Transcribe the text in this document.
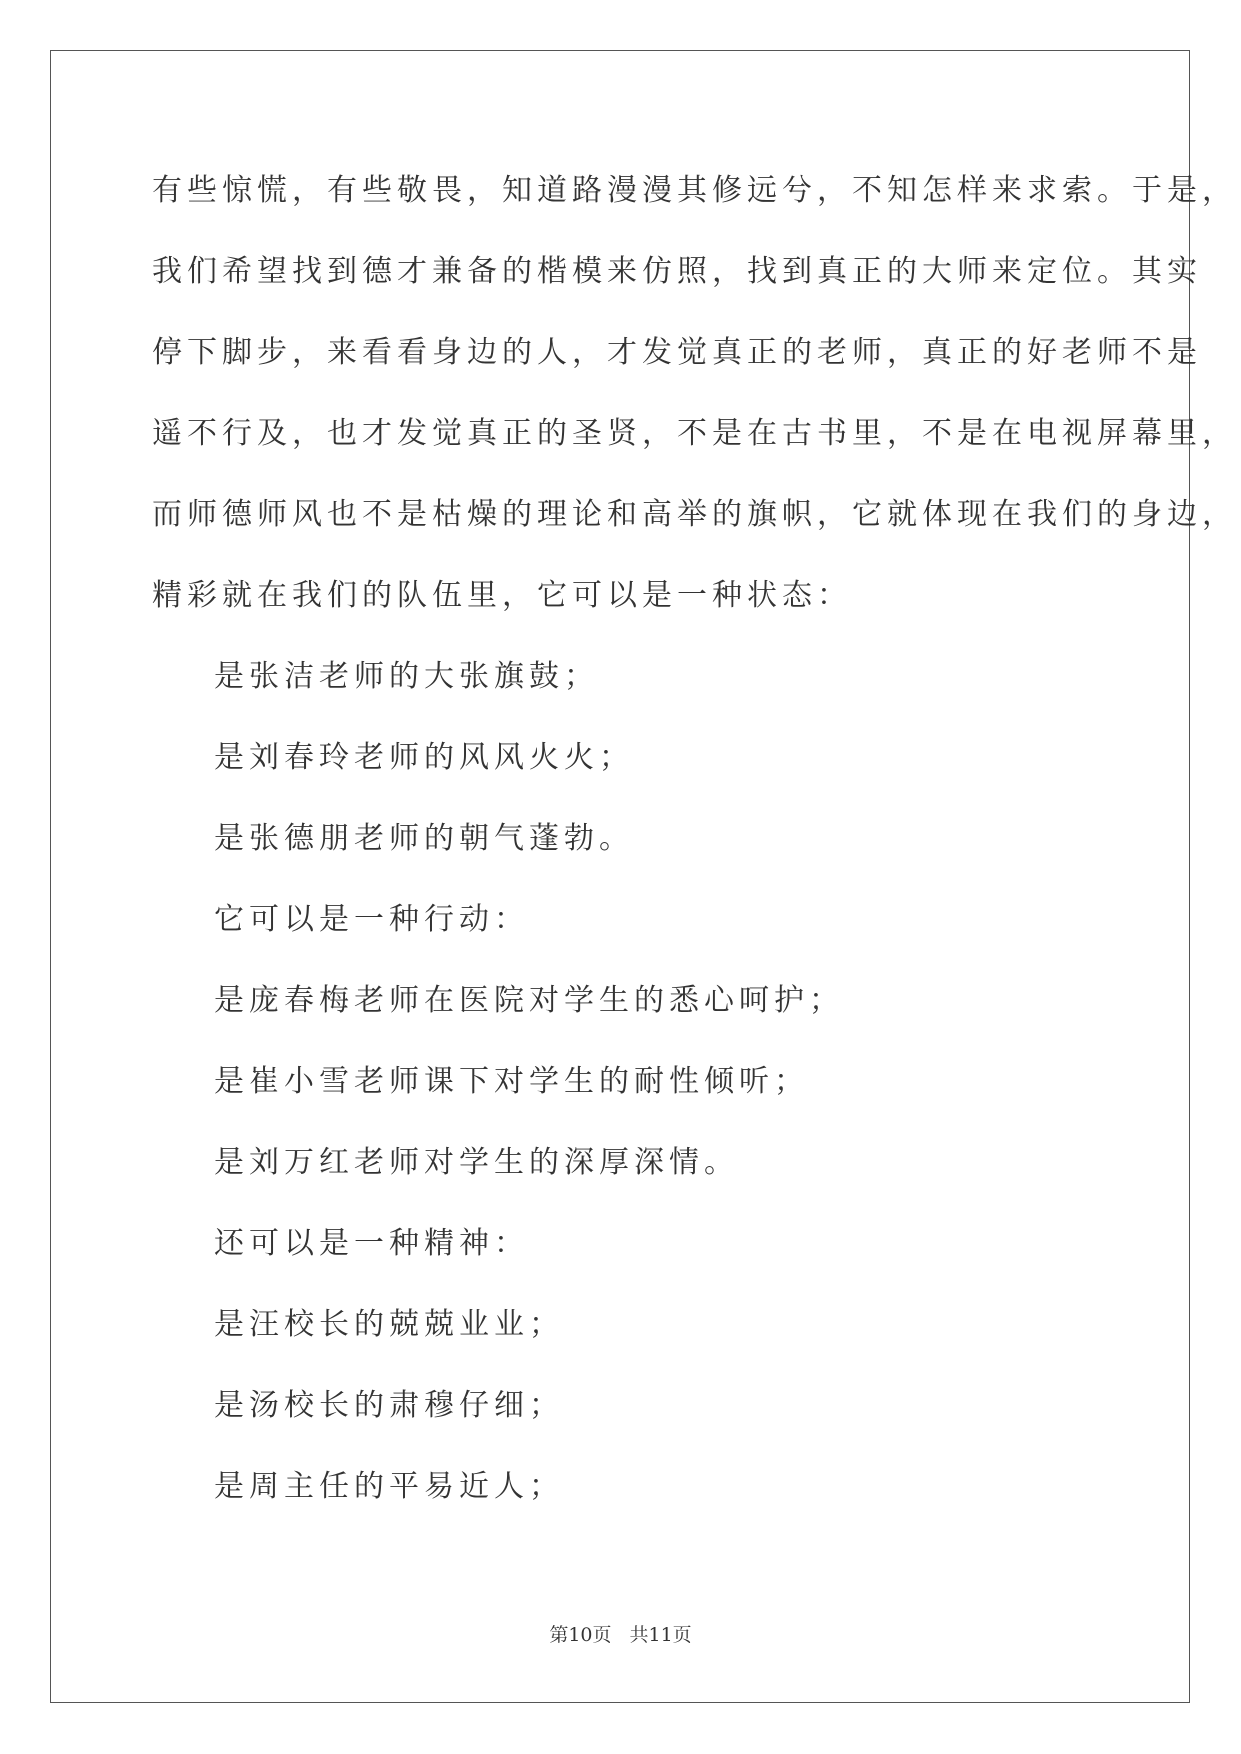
有些惊慌，有些敬畏，知道路漫漫其修远兮，不知怎样来求索。于是，
我们希望找到德才兼备的楷模来仿照，找到真正的大师来定位。其实
停下脚步，来看看身边的人，才发觉真正的老师，真正的好老师不是
遥不行及，也才发觉真正的圣贤，不是在古书里，不是在电视屏幕里，
而师德师风也不是枯燥的理论和高举的旗帜，它就体现在我们的身边，
精彩就在我们的队伍里，它可以是一种状态：
是张洁老师的大张旗鼓；
是刘春玲老师的风风火火；
是张德朋老师的朝气蓬勃。
它可以是一种行动：
是庞春梅老师在医院对学生的悉心呵护；
是崔小雪老师课下对学生的耐性倾听；
是刘万红老师对学生的深厚深情。
还可以是一种精神：
是汪校长的兢兢业业；
是汤校长的肃穆仔细；
是周主任的平易近人；
第10页 共11页
